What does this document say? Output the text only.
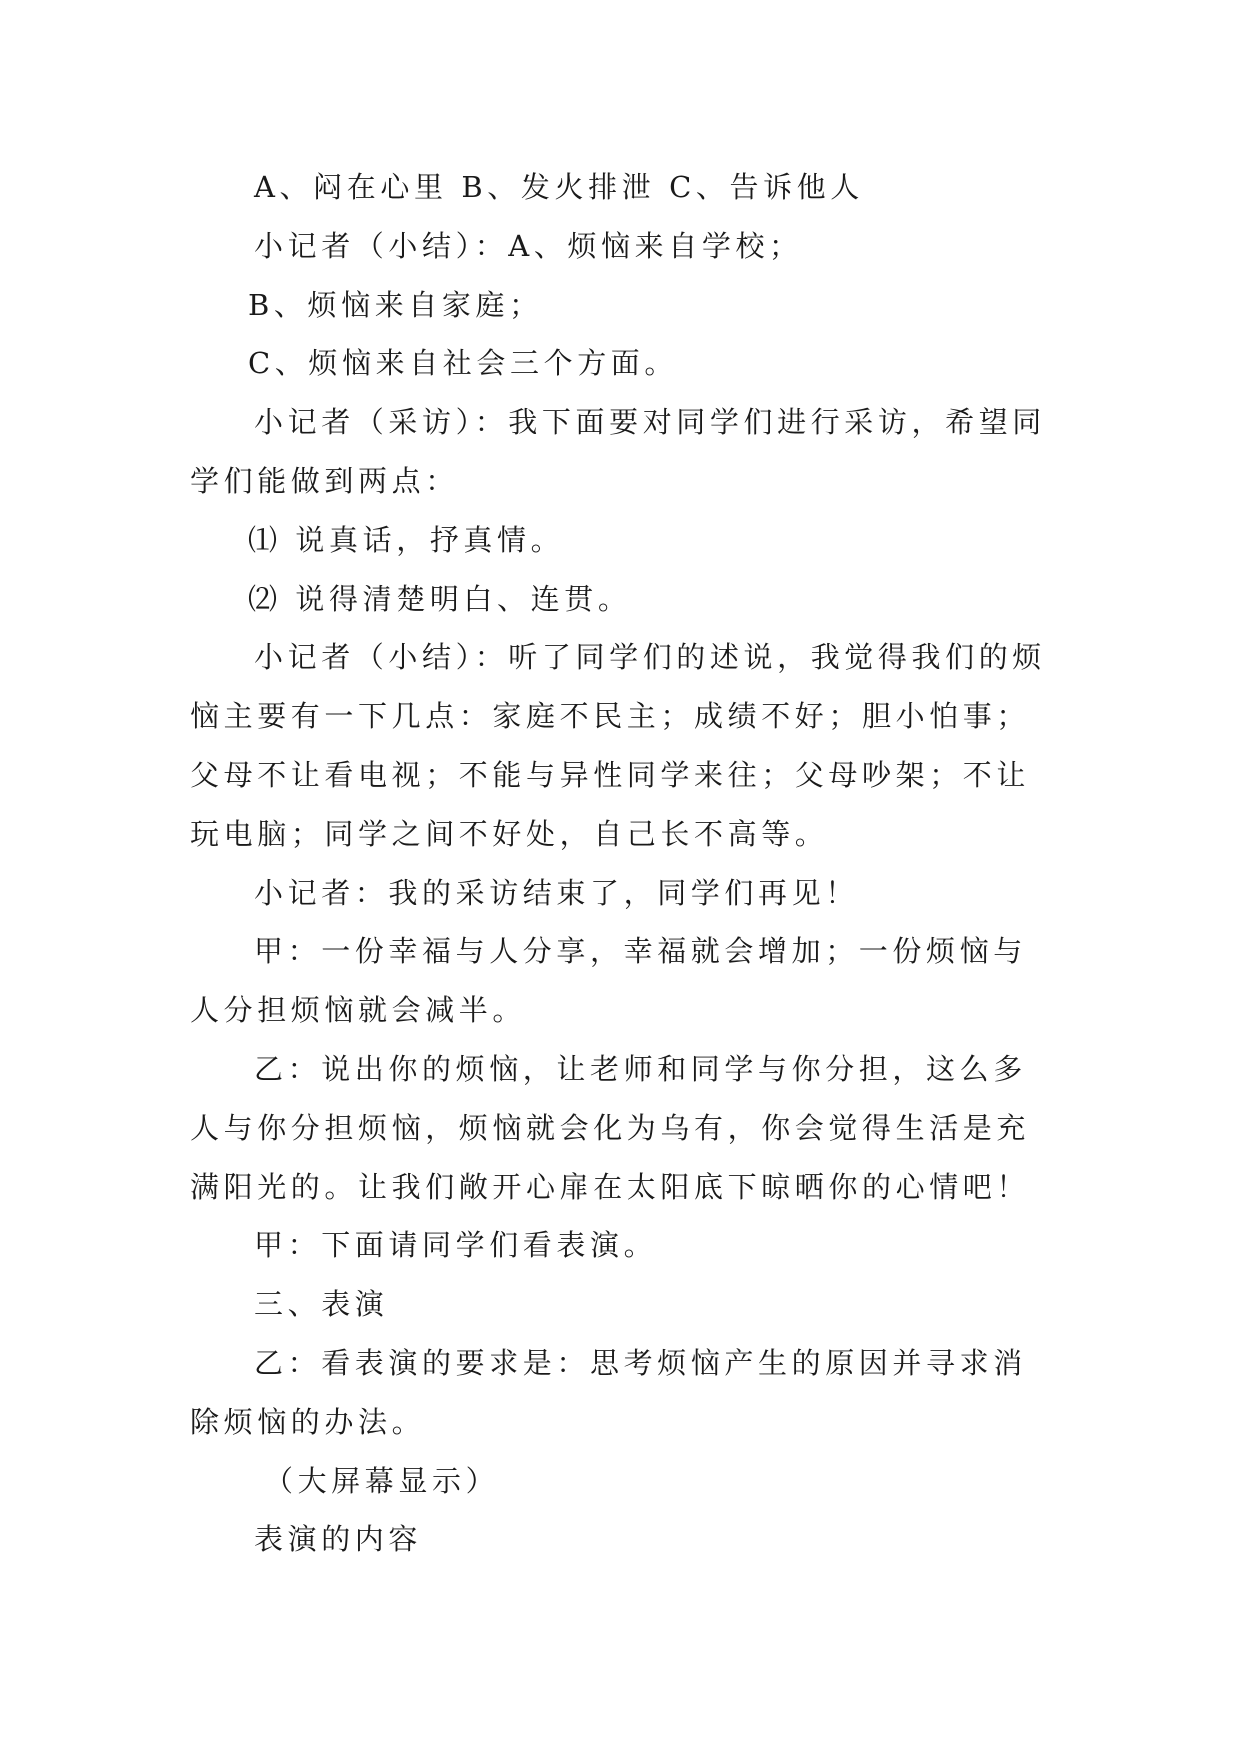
A、闷在心里 B、发火排泄 C、告诉他人

小记者（小结）：A、烦恼来自学校；

B、烦恼来自家庭；

C、烦恼来自社会三个方面。

小记者（采访）：我下面要对同学们进行采访，希望同学们能做到两点：

⑴ 说真话，抒真情。

⑵ 说得清楚明白、连贯。

小记者（小结）：听了同学们的述说，我觉得我们的烦恼主要有一下几点：家庭不民主；成绩不好；胆小怕事；父母不让看电视；不能与异性同学来往；父母吵架；不让玩电脑；同学之间不好处，自己长不高等。

小记者：我的采访结束了，同学们再见！

甲：一份幸福与人分享，幸福就会增加；一份烦恼与人分担烦恼就会减半。

乙：说出你的烦恼，让老师和同学与你分担，这么多人与你分担烦恼，烦恼就会化为乌有，你会觉得生活是充满阳光的。让我们敞开心扉在太阳底下晾晒你的心情吧！

甲：下面请同学们看表演。

三、表演

乙：看表演的要求是：思考烦恼产生的原因并寻求消除烦恼的办法。

（大屏幕显示）

表演的内容
